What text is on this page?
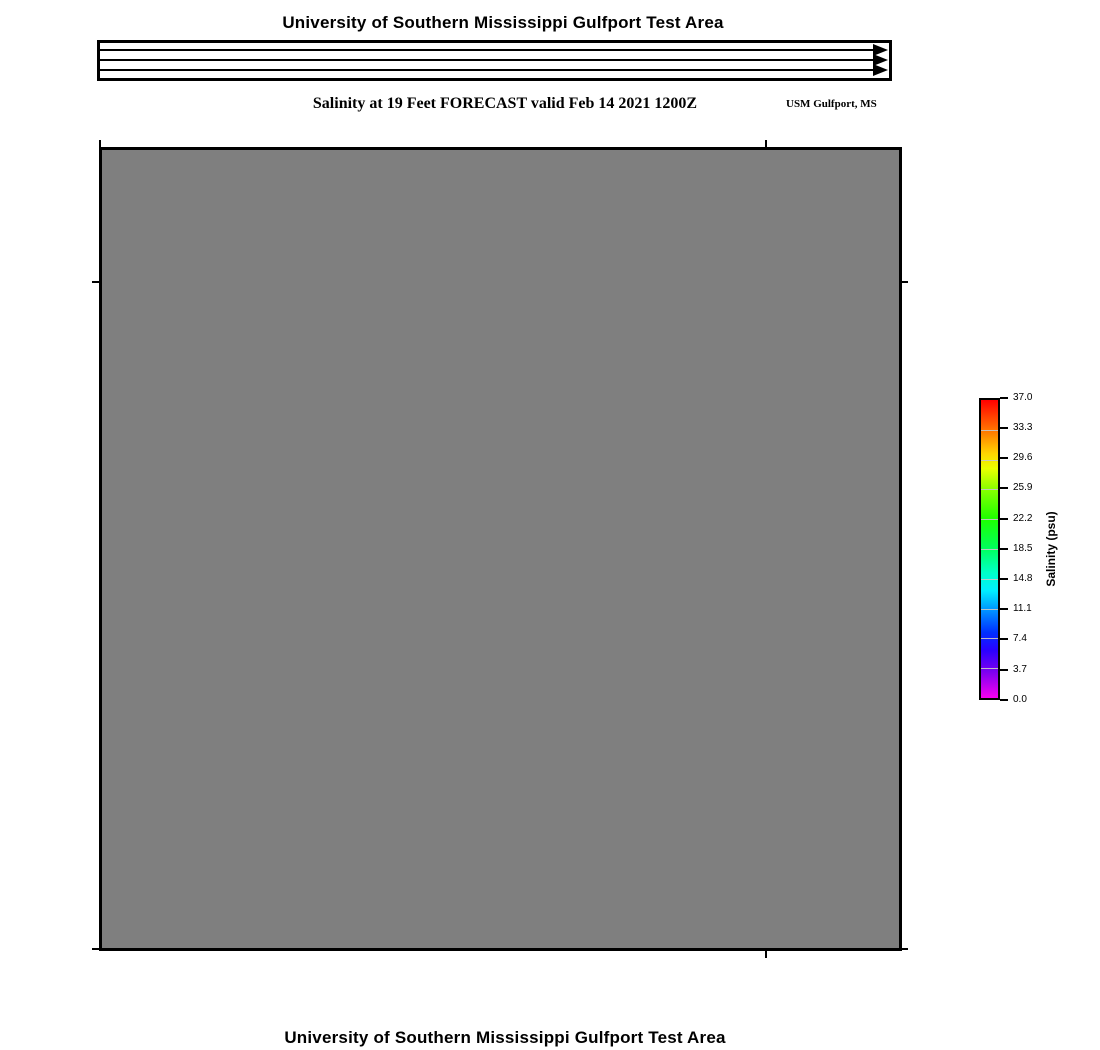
University of Southern Mississippi Gulfport Test Area
Salinity at 19 Feet FORECAST valid Feb 14 2021 1200Z	USM Gulfport, MS
37.0
33.3
29.6
25.9
22.2
18.5
14.8
11.1
7.4
3.7
0.0
Salinity (psu)
University of Southern Mississippi Gulfport Test Area
